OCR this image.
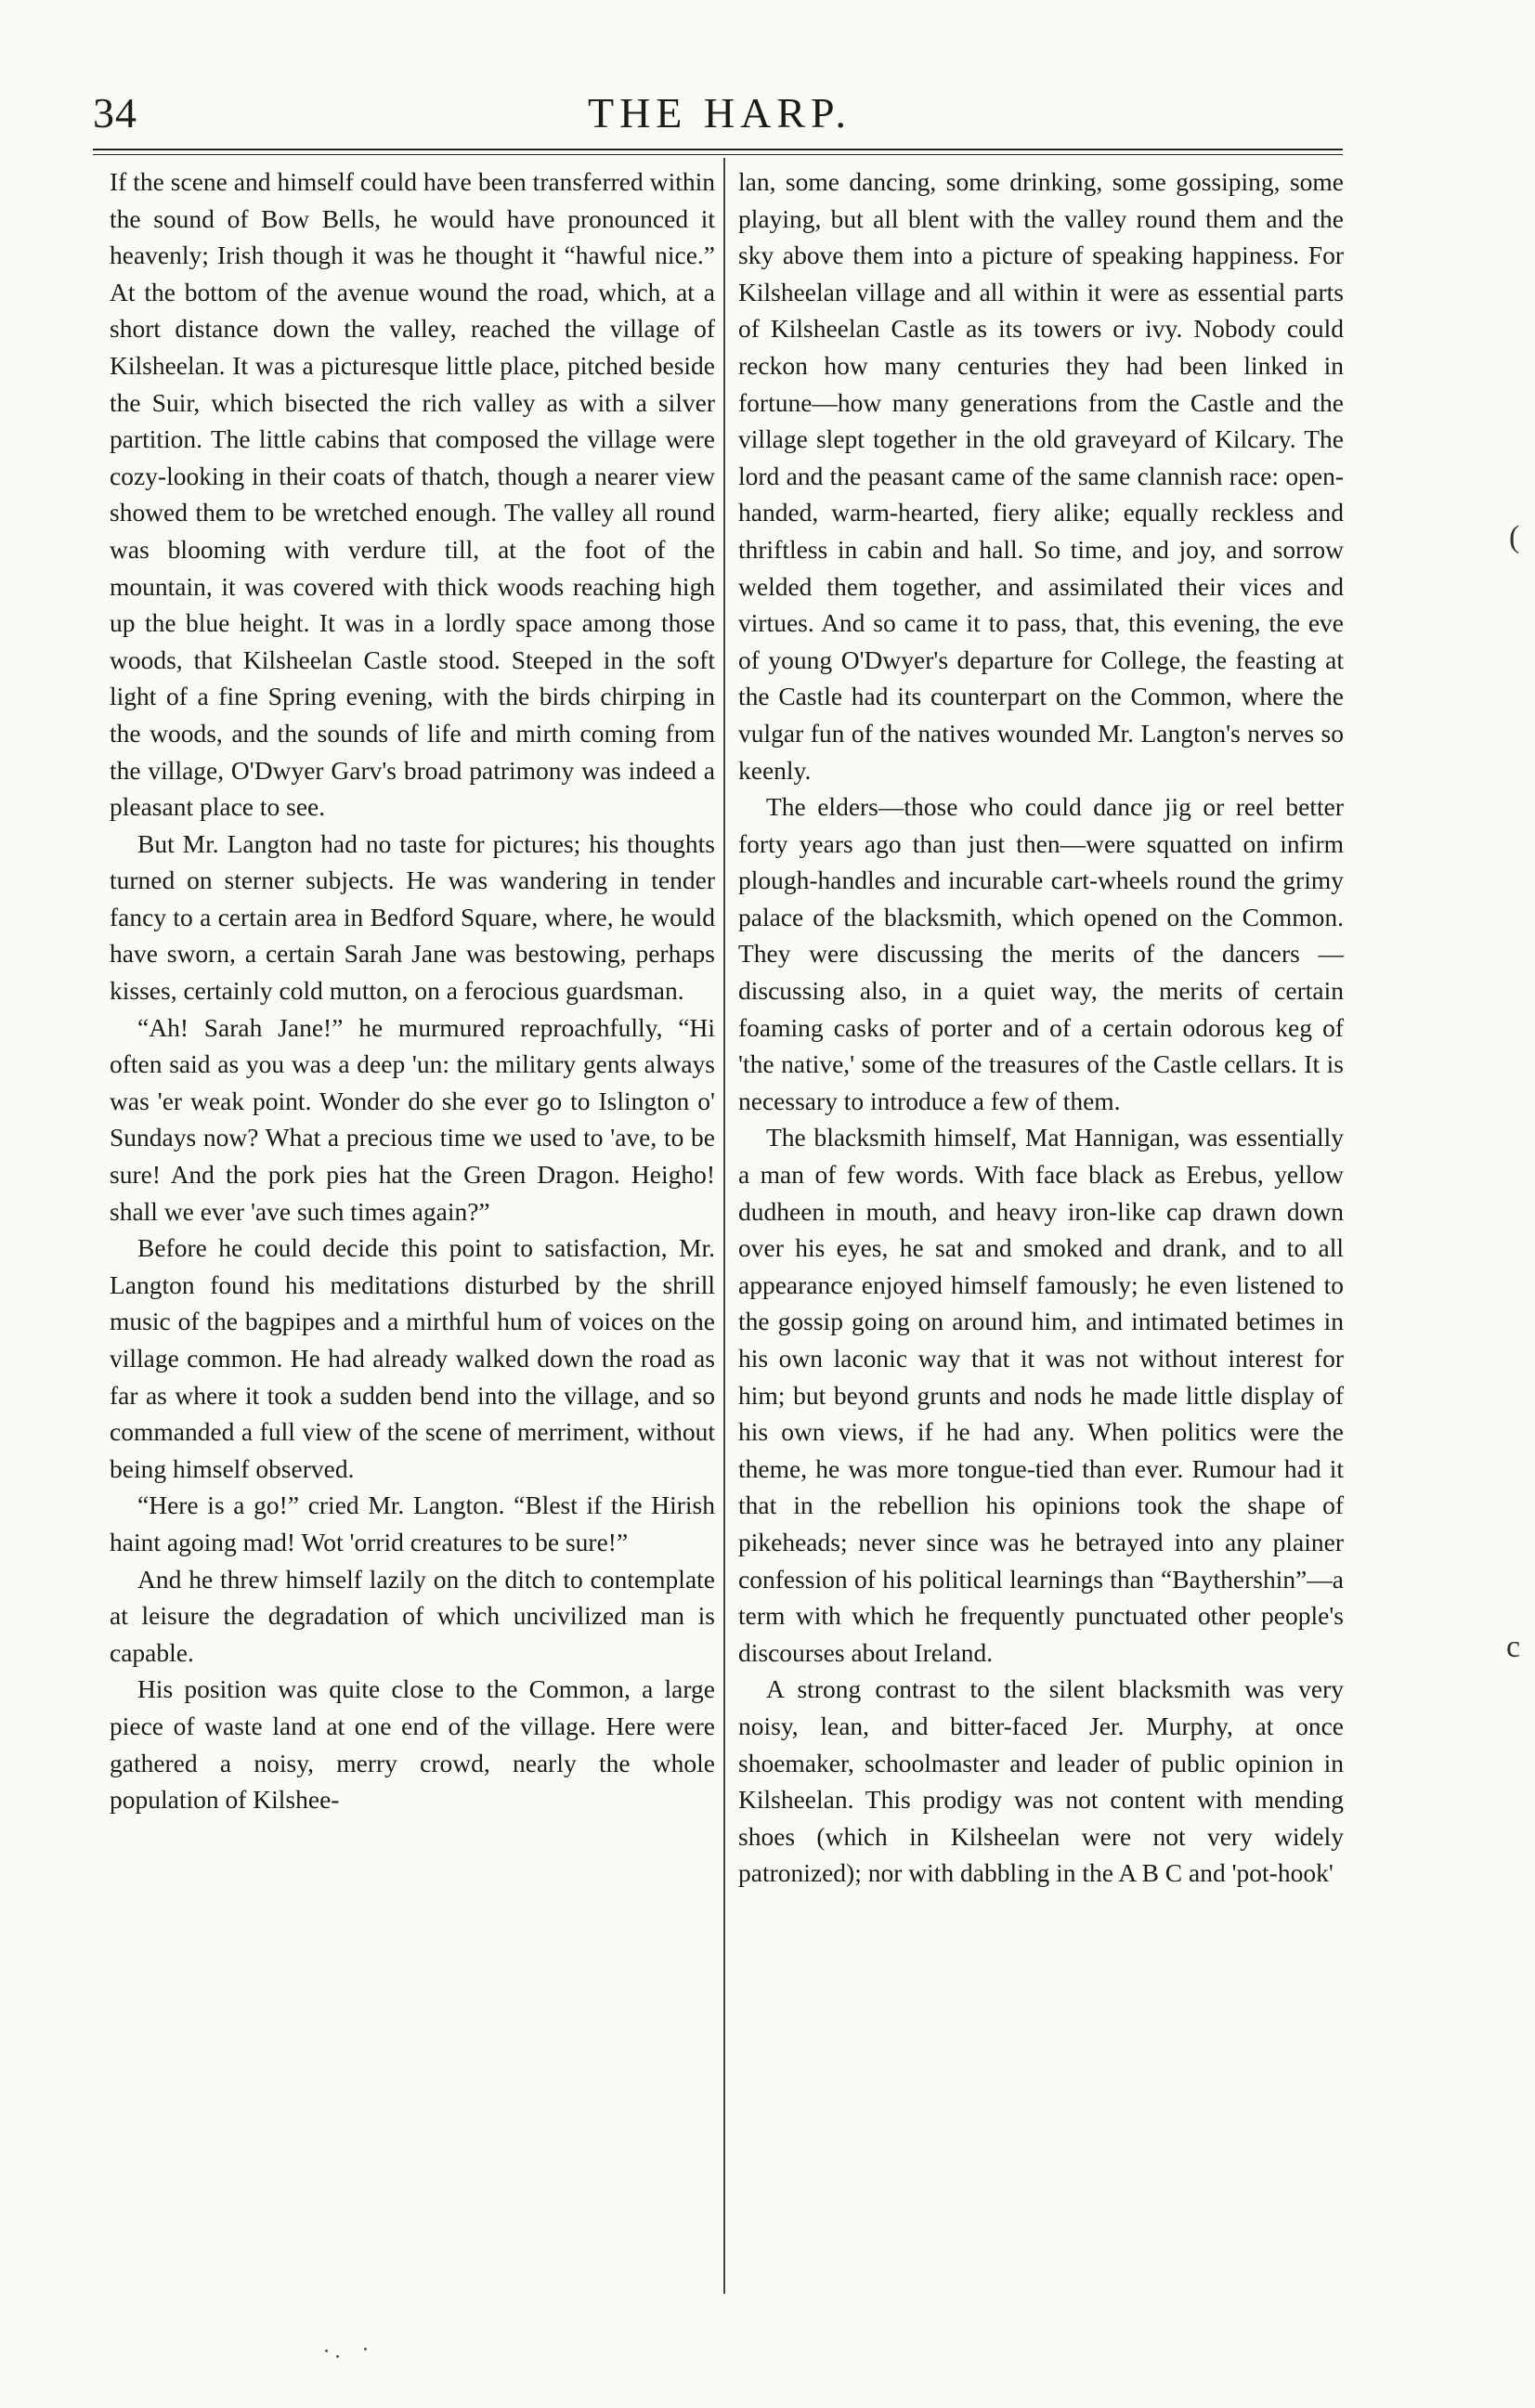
34	THE HARP.

If the scene and himself could have been transferred within the sound of Bow Bells, he would have pronounced it heavenly; Irish though it was he thought it “hawful nice.” At the bottom of the avenue wound the road, which, at a short distance down the valley, reached the village of Kilsheelan. It was a picturesque little place, pitched beside the Suir, which bisected the rich valley as with a silver partition. The little cabins that composed the village were cozy-looking in their coats of thatch, though a nearer view showed them to be wretched enough. The valley all round was blooming with verdure till, at the foot of the mountain, it was covered with thick woods reaching high up the blue height. It was in a lordly space among those woods, that Kilsheelan Castle stood. Steeped in the soft light of a fine Spring evening, with the birds chirping in the woods, and the sounds of life and mirth coming from the village, O'Dwyer Garv's broad patrimony was indeed a pleasant place to see.

But Mr. Langton had no taste for pictures; his thoughts turned on sterner subjects. He was wandering in tender fancy to a certain area in Bedford Square, where, he would have sworn, a certain Sarah Jane was bestowing, perhaps kisses, certainly cold mutton, on a ferocious guardsman.

“Ah! Sarah Jane!” he murmured reproachfully, “Hi often said as you was a deep 'un: the military gents always was 'er weak point. Wonder do she ever go to Islington o' Sundays now? What a precious time we used to 'ave, to be sure! And the pork pies hat the Green Dragon. Heigho! shall we ever 'ave such times again?”

Before he could decide this point to satisfaction, Mr. Langton found his meditations disturbed by the shrill music of the bagpipes and a mirthful hum of voices on the village common. He had already walked down the road as far as where it took a sudden bend into the village, and so commanded a full view of the scene of merriment, without being himself observed.

“Here is a go!” cried Mr. Langton. “Blest if the Hirish haint agoing mad! Wot 'orrid creatures to be sure!”

And he threw himself lazily on the ditch to contemplate at leisure the degradation of which uncivilized man is capable.

His position was quite close to the Common, a large piece of waste land at one end of the village. Here were gathered a noisy, merry crowd, nearly the whole population of Kilshee-

lan, some dancing, some drinking, some gossiping, some playing, but all blent with the valley round them and the sky above them into a picture of speaking happiness. For Kilsheelan village and all within it were as essential parts of Kilsheelan Castle as its towers or ivy. Nobody could reckon how many centuries they had been linked in fortune—how many generations from the Castle and the village slept together in the old graveyard of Kilcary. The lord and the peasant came of the same clannish race: open-handed, warm-hearted, fiery alike; equally reckless and thriftless in cabin and hall. So time, and joy, and sorrow welded them together, and assimilated their vices and virtues. And so came it to pass, that, this evening, the eve of young O'Dwyer's departure for College, the feasting at the Castle had its counterpart on the Common, where the vulgar fun of the natives wounded Mr. Langton's nerves so keenly.

The elders—those who could dance jig or reel better forty years ago than just then—were squatted on infirm plough-handles and incurable cart-wheels round the grimy palace of the blacksmith, which opened on the Common. They were discussing the merits of the dancers —discussing also, in a quiet way, the merits of certain foaming casks of porter and of a certain odorous keg of 'the native,' some of the treasures of the Castle cellars. It is necessary to introduce a few of them.

The blacksmith himself, Mat Hannigan, was essentially a man of few words. With face black as Erebus, yellow dudheen in mouth, and heavy iron-like cap drawn down over his eyes, he sat and smoked and drank, and to all appearance enjoyed himself famously; he even listened to the gossip going on around him, and intimated betimes in his own laconic way that it was not without interest for him; but beyond grunts and nods he made little display of his own views, if he had any. When politics were the theme, he was more tongue-tied than ever. Rumour had it that in the rebellion his opinions took the shape of pikeheads; never since was he betrayed into any plainer confession of his political learnings than “Baythershin”—a term with which he frequently punctuated other people's discourses about Ireland.

A strong contrast to the silent blacksmith was very noisy, lean, and bitter-faced Jer. Murphy, at once shoemaker, schoolmaster and leader of public opinion in Kilsheelan. This prodigy was not content with mending shoes (which in Kilsheelan were not very widely patronized); nor with dabbling in the A B C and 'pot-hook'

(
c
